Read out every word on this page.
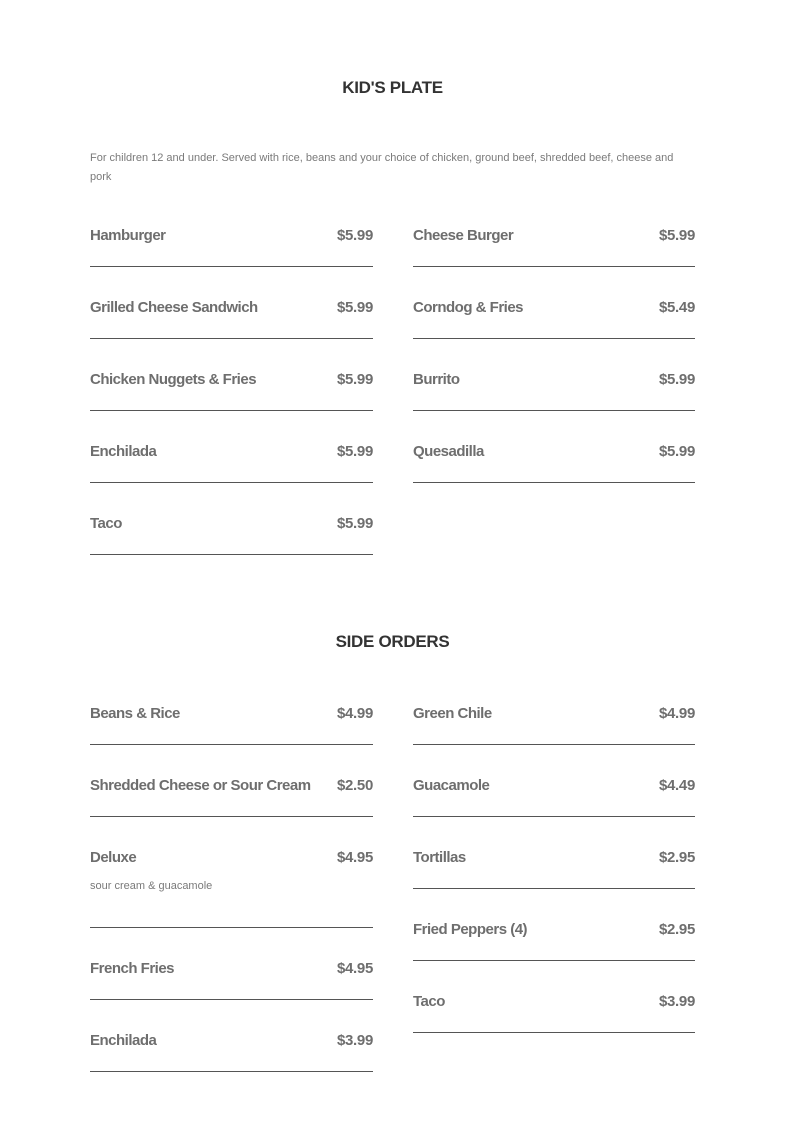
KID'S PLATE
For children 12 and under. Served with rice, beans and your choice of chicken, ground beef, shredded beef, cheese and pork
Hamburger	$5.99
Grilled Cheese Sandwich	$5.99
Chicken Nuggets & Fries	$5.99
Enchilada	$5.99
Taco	$5.99
Cheese Burger	$5.99
Corndog & Fries	$5.49
Burrito	$5.99
Quesadilla	$5.99
SIDE ORDERS
Beans & Rice	$4.99
Shredded Cheese or Sour Cream $2.50
Deluxe	$4.95
sour cream & guacamole
French Fries	$4.95
Enchilada	$3.99
Green Chile	$4.99
Guacamole	$4.49
Tortillas	$2.95
Fried Peppers (4)	$2.95
Taco	$3.99
